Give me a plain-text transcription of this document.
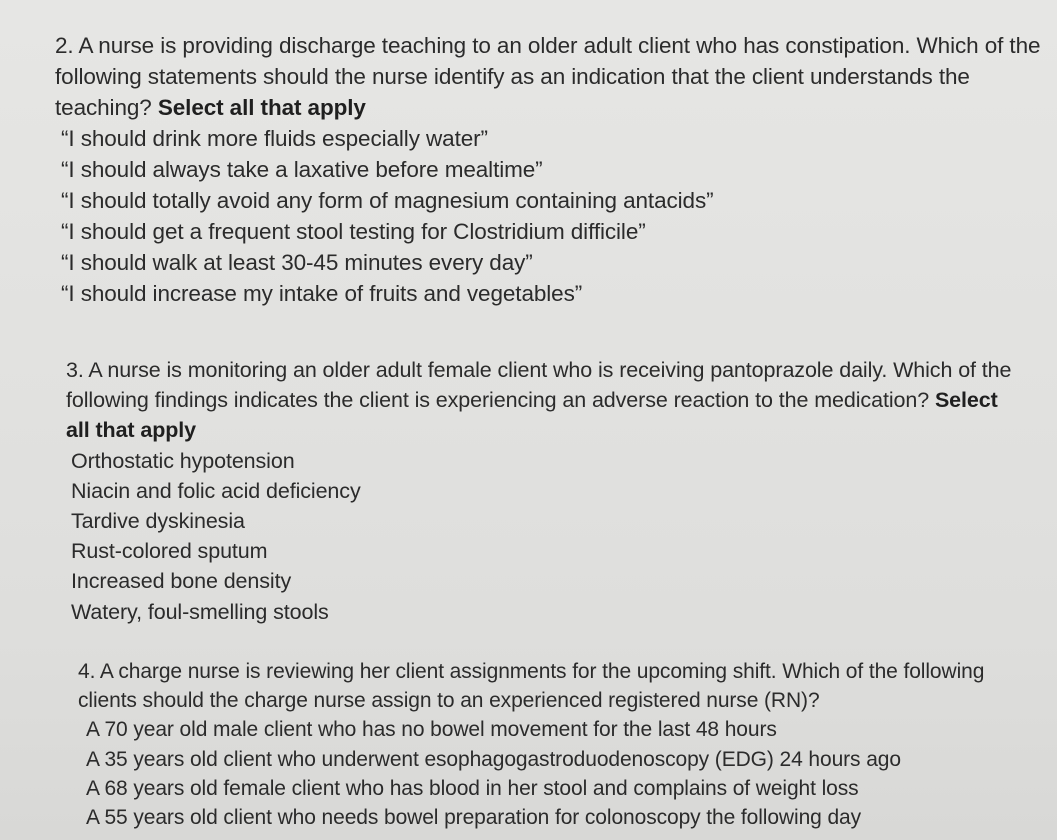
2. A nurse is providing discharge teaching to an older adult client who has constipation. Which of the following statements should the nurse identify as an indication that the client understands the teaching? Select all that apply

“I should drink more fluids especially water”
“I should always take a laxative before mealtime”
“I should totally avoid any form of magnesium containing antacids”
“I should get a frequent stool testing for Clostridium difficile”
“I should walk at least 30-45 minutes every day”
“I should increase my intake of fruits and vegetables”

3. A nurse is monitoring an older adult female client who is receiving pantoprazole daily. Which of the following findings indicates the client is experiencing an adverse reaction to the medication? Select all that apply

Orthostatic hypotension
Niacin and folic acid deficiency
Tardive dyskinesia
Rust-colored sputum
Increased bone density
Watery, foul-smelling stools

4. A charge nurse is reviewing her client assignments for the upcoming shift. Which of the following clients should the charge nurse assign to an experienced registered nurse (RN)?

A 70 year old male client who has no bowel movement for the last 48 hours
A 35 years old client who underwent esophagogastroduodenoscopy (EDG) 24 hours ago
A 68 years old female client who has blood in her stool and complains of weight loss
A 55 years old client who needs bowel preparation for colonoscopy the following day
